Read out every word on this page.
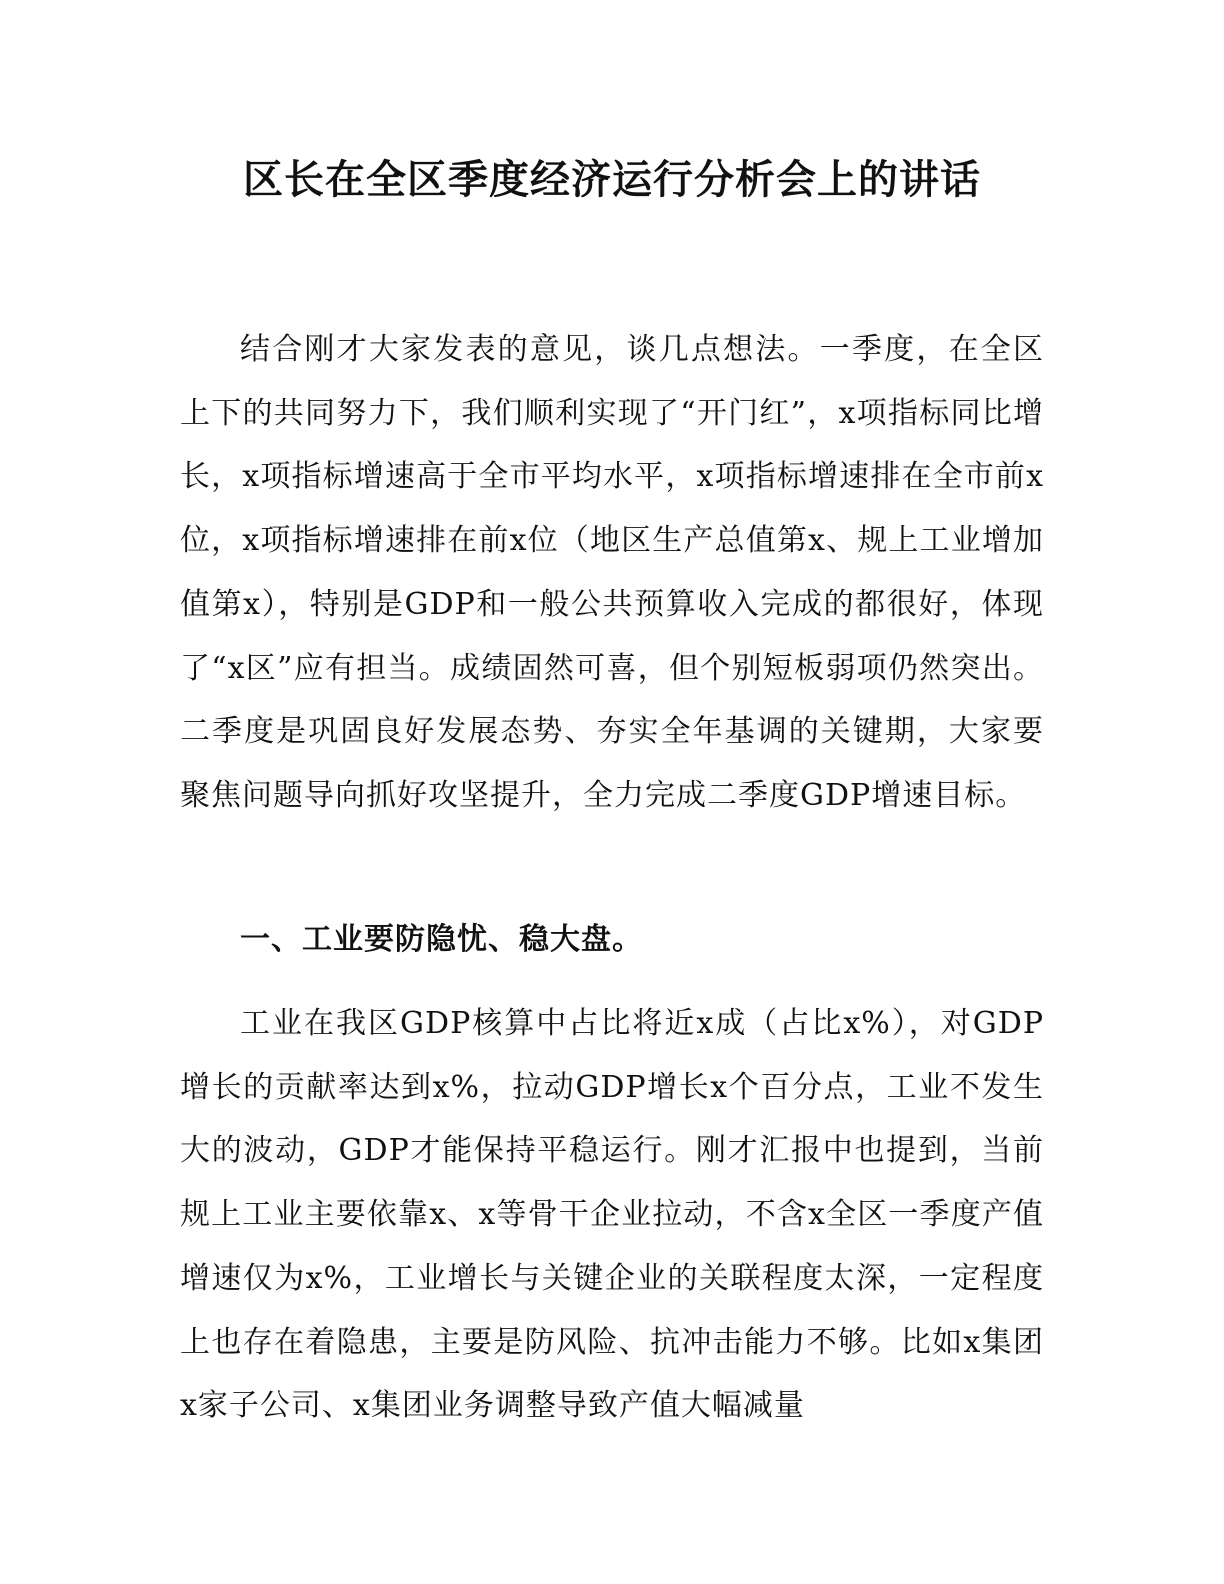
区长在全区季度经济运行分析会上的讲话

结合刚才大家发表的意见，谈几点想法。一季度，在全区上下的共同努力下，我们顺利实现了“开门红”，x项指标同比增长，x项指标增速高于全市平均水平，x项指标增速排在全市前x位，x项指标增速排在前x位（地区生产总值第x、规上工业增加值第x），特别是GDP和一般公共预算收入完成的都很好，体现了“x区”应有担当。成绩固然可喜，但个别短板弱项仍然突出。二季度是巩固良好发展态势、夯实全年基调的关键期，大家要聚焦问题导向抓好攻坚提升，全力完成二季度GDP增速目标。

一、工业要防隐忧、稳大盘。

工业在我区GDP核算中占比将近x成（占比x%），对GDP增长的贡献率达到x%，拉动GDP增长x个百分点，工业不发生大的波动，GDP才能保持平稳运行。刚才汇报中也提到，当前规上工业主要依靠x、x等骨干企业拉动，不含x全区一季度产值增速仅为x%，工业增长与关键企业的关联程度太深，一定程度上也存在着隐患，主要是防风险、抗冲击能力不够。比如x集团x家子公司、x集团业务调整导致产值大幅减量
